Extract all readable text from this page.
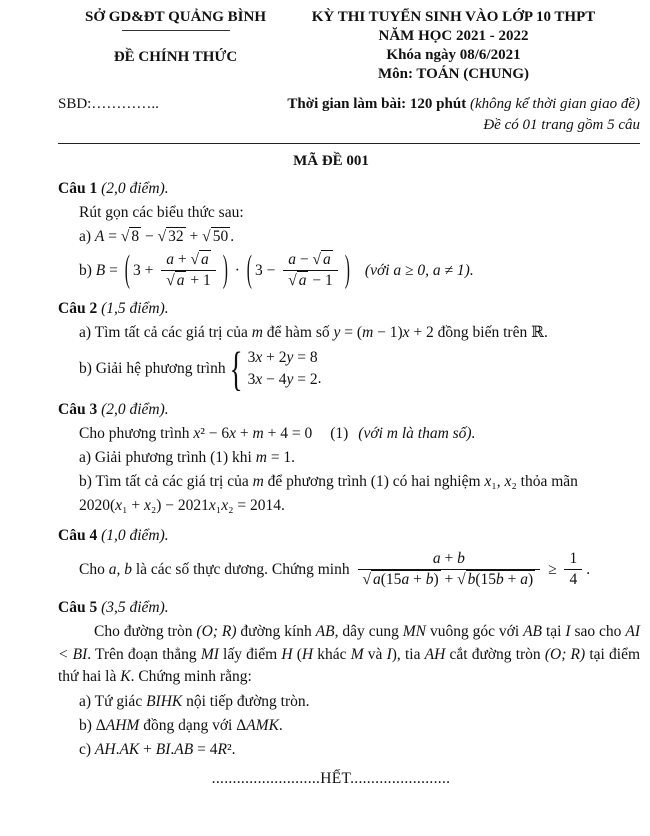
SỞ GD&ĐT QUẢNG BÌNH
ĐỀ CHÍNH THỨC
KỲ THI TUYỂN SINH VÀO LỚP 10 THPT
NĂM HỌC 2021 - 2022
Khóa ngày 08/6/2021
Môn: TOÁN (CHUNG)
SBD:…………..	Thời gian làm bài: 120 phút (không kể thời gian giao đề)
Đề có 01 trang gồm 5 câu
MÃ ĐỀ 001
Câu 1 (2,0 điểm).
Rút gọn các biểu thức sau:
a) A = √ 8 − √ 32 + √ 50 .
b) B = ( $3 + \frac{a + √ a}{√ a + 1}$ ) · ( $3 - \frac{a - √ a}{√ a - 1}$ ) (với a ≥ 0, a ≠ 1).
Câu 2 (1,5 điểm).
a) Tìm tất cả các giá trị của m để hàm số y = (m − 1)x + 2 đồng biến trên ℝ.
b) Giải hệ phương trình { 3x + 2y = 8
3x − 4y = 2 .
Câu 3 (2,0 điểm).
Cho phương trình x² − 6x + m + 4 = 0 (1) (với m là tham số).
a) Giải phương trình (1) khi m = 1.
b) Tìm tất cả các giá trị của m để phương trình (1) có hai nghiệm x₁, x₂ thỏa mãn
2020(x₁ + x₂) − 2021x₁x₂ = 2014.
Câu 4 (1,0 điểm).
Cho a, b là các số thực dương. Chứng minh $\frac{a + b}{√ a(15a + b) + √ b(15b + a)} \ge \frac{1}{4}$ .
Câu 5 (3,5 điểm).
Cho đường tròn (O; R) đường kính AB, dây cung MN vuông góc với AB tại I sao cho AI < BI. Trên đoạn thẳng MI lấy điểm H (H khác M và I), tia AH cắt đường tròn (O; R) tại điểm thứ hai là K. Chứng minh rằng:
a) Tứ giác BIHK nội tiếp đường tròn.
b) ΔAHM đồng dạng với ΔAMK.
c) AH.AK + BI.AB = 4R².
..........................HẾT........................
